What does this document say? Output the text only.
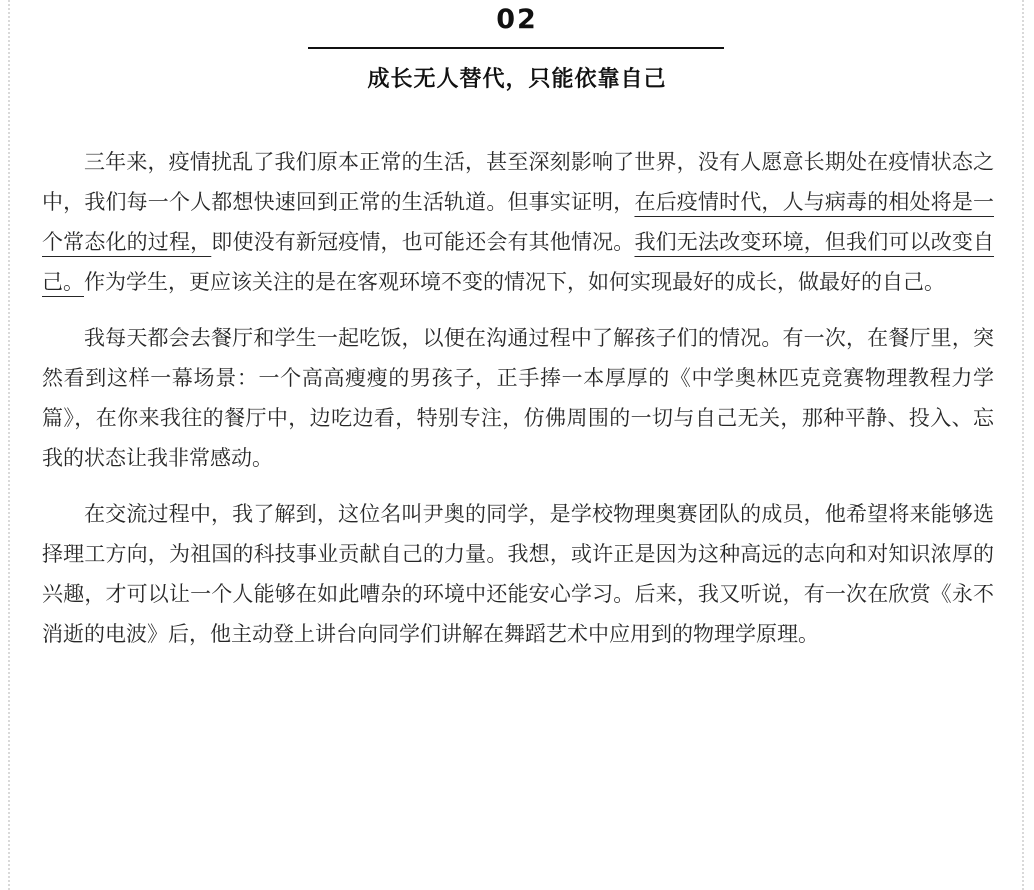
02
成长无人替代，只能依靠自己

三年来，疫情扰乱了我们原本正常的生活，甚至深刻影响了世界，没有人愿意长期处在疫情状态之中，我们每一个人都想快速回到正常的生活轨道。但事实证明，在后疫情时代，人与病毒的相处将是一个常态化的过程，即使没有新冠疫情，也可能还会有其他情况。我们无法改变环境，但我们可以改变自己。作为学生，更应该关注的是在客观环境不变的情况下，如何实现最好的成长，做最好的自己。

我每天都会去餐厅和学生一起吃饭，以便在沟通过程中了解孩子们的情况。有一次，在餐厅里，突然看到这样一幕场景：一个高高瘦瘦的男孩子，正手捧一本厚厚的《中学奥林匹克竞赛物理教程力学篇》，在你来我往的餐厅中，边吃边看，特别专注，仿佛周围的一切与自己无关，那种平静、投入、忘我的状态让我非常感动。

在交流过程中，我了解到，这位名叫尹奥的同学，是学校物理奥赛团队的成员，他希望将来能够选择理工方向，为祖国的科技事业贡献自己的力量。我想，或许正是因为这种高远的志向和对知识浓厚的兴趣，才可以让一个人能够在如此嘈杂的环境中还能安心学习。后来，我又听说，有一次在欣赏《永不消逝的电波》后，他主动登上讲台向同学们讲解在舞蹈艺术中应用到的物理学原理。
